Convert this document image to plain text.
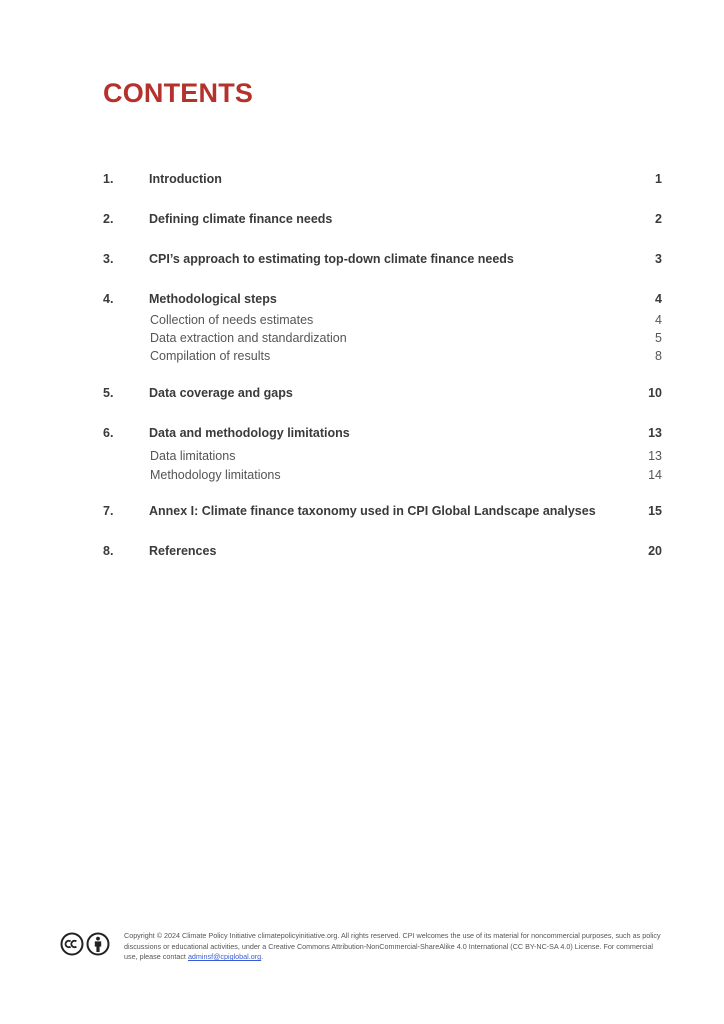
CONTENTS
1.	Introduction	1
2.	Defining climate finance needs	2
3.	CPI’s approach to estimating top-down climate finance needs	3
4.	Methodological steps	4
Collection of needs estimates	4
Data extraction and standardization	5
Compilation of results	8
5.	Data coverage and gaps	10
6.	Data and methodology limitations	13
Data limitations	13
Methodology limitations	14
7.	Annex I: Climate finance taxonomy used in CPI Global Landscape analyses	15
8.	References	20

Copyright © 2024 Climate Policy Initiative climatepolicyinitiative.org. All rights reserved. CPI welcomes the use of its material for noncommercial purposes, such as policy discussions or educational activities, under a Creative Commons Attribution-NonCommercial-ShareAlike 4.0 International (CC BY-NC-SA 4.0) License. For commercial use, please contact adminsf@cpiglobal.org.
